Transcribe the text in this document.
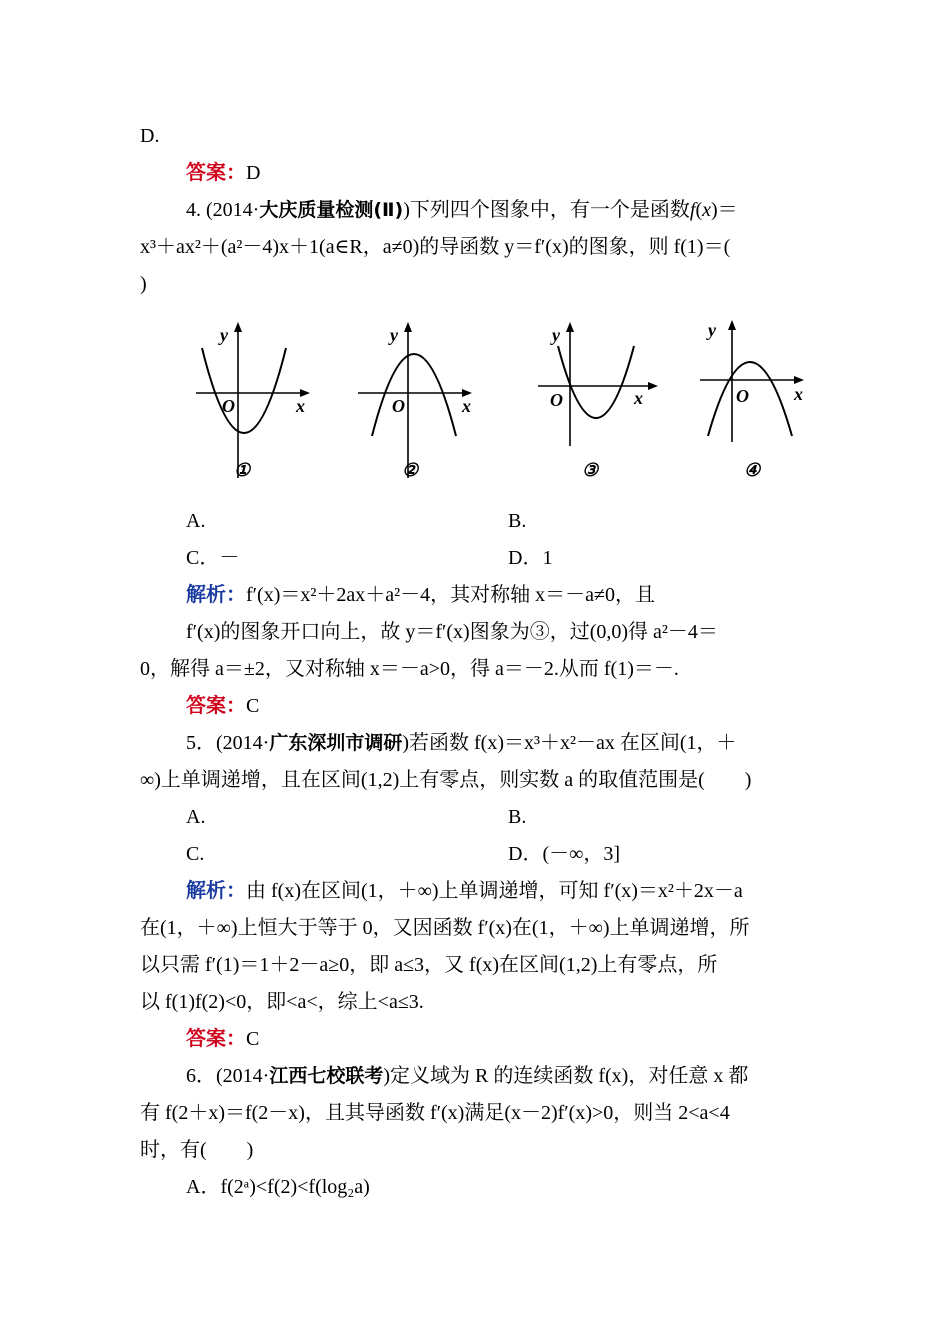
D.
答案：D
4. (2014·大庆质量检测(Ⅱ))下列四个图象中，有一个是函数f(x)＝
x³＋ax²＋(a²－4)x＋1(a∈R，a≠0)的导函数 y＝f′(x)的图象，则 f(1)＝(
)
y
x
O
①
y
x
O
②
y
x
O
③
y
x
O
④
A.	B.
C．－	D．1
解析：f′(x)＝x²＋2ax＋a²－4，其对称轴 x＝－a≠0，且
f′(x)的图象开口向上，故 y＝f′(x)图象为③，过(0,0)得 a²－4＝
0，解得 a＝±2，又对称轴 x＝－a>0，得 a＝－2.从而 f(1)＝－.
答案：C
5．(2014·广东深圳市调研)若函数 f(x)＝x³＋x²－ax 在区间(1，＋
∞)上单调递增，且在区间(1,2)上有零点，则实数 a 的取值范围是(　　)
A.	B.
C.	D．(－∞，3]
解析：由 f(x)在区间(1，＋∞)上单调递增，可知 f′(x)＝x²＋2x－a
在(1，＋∞)上恒大于等于 0，又因函数 f′(x)在(1，＋∞)上单调递增，所
以只需 f′(1)＝1＋2－a≥0，即 a≤3，又 f(x)在区间(1,2)上有零点，所
以 f(1)f(2)<0，即<a<，综上<a≤3.
答案：C
6．(2014·江西七校联考)定义域为 R 的连续函数 f(x)，对任意 x 都
有 f(2＋x)＝f(2－x)，且其导函数 f′(x)满足(x－2)f′(x)>0，则当 2<a<4
时，有(　　)
A．f(2ᵃ)<f(2)<f(log₂a)
